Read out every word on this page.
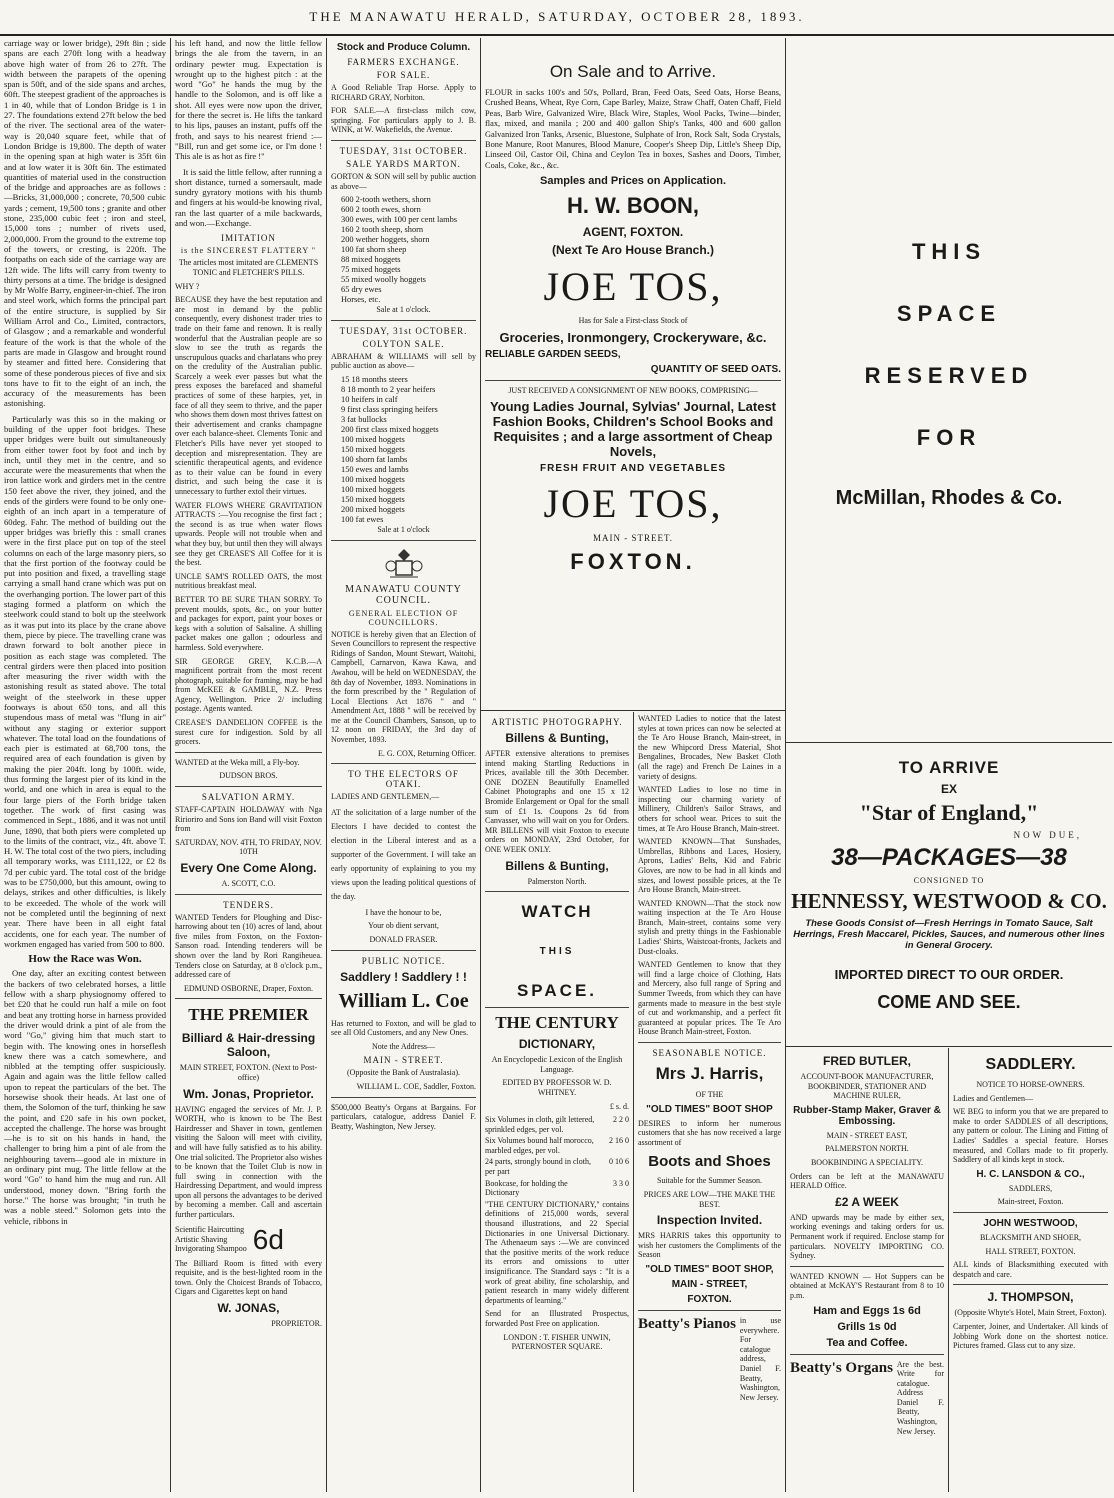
THE MANAWATU HERALD, SATURDAY, OCTOBER 28, 1893.

carriage way or lower bridge), 29ft 8in ; side spans are each 270ft long with a headway above high water of from 26 to 27ft. The width between the parapets of the opening span is 50ft, and of the side spans and arches, 60ft. The steepest gradient of the approaches is 1 in 40, while that of London Bridge is 1 in 27. The foundations extend 27ft below the bed of the river. The sectional area of the water-way is 20,040 square feet, while that of London Bridge is 19,800. The depth of water in the opening span at high water is 35ft 6in and at low water it is 30ft 6in. The estimated quantities of material used in the construction of the bridge and approaches are as follows :—Bricks, 31,000,000 ; concrete, 70,500 cubic yards ; cement, 19,500 tons ; granite and other stone, 235,000 cubic feet ; iron and steel, 15,000 tons ; number of rivets used, 2,000,000. From the ground to the extreme top of the towers, or cresting, is 220ft. The footpaths on each side of the carriage way are 12ft wide. The lifts will carry from twenty to thirty persons at a time. The bridge is designed by Mr Wolfe Barry, engineer-in-chief. The iron and steel work, which forms the principal part of the entire structure, is supplied by Sir William Arrol and Co., Limited, contractors, of Glasgow ; and a remarkable and wonderful feature of the work is that the whole of the parts are made in Glasgow and brought round by steamer and fitted here. Considering that some of these ponderous pieces of five and six tons have to fit to the eight of an inch, the accuracy of the measurements has been astonishing.

Particularly was this so in the making or building of the upper foot bridges. These upper bridges were built out simultaneously from either tower foot by foot and inch by inch, until they met in the centre, and so accurate were the measurements that when the iron lattice work and girders met in the centre 150 feet above the river, they joined, and the ends of the girders were found to be only one-eighth of an inch apart in a temperature of 60deg. Fahr. The method of building out the upper bridges was briefly this : small cranes were in the first place put on top of the steel columns on each of the large masonry piers, so that the first portion of the footway could be put into position and fixed, a travelling stage carrying a small hand crane which was put on the overhanging portion. The lower part of this staging formed a platform on which the steelwork could stand to bolt up the steelwork as it was put into its place by the crane above them, piece by piece. The travelling crane was drawn forward to bolt another piece in position as each stage was completed. The central girders were then placed into position after measuring the river width with the astonishing result as stated above. The total weight of the steelwork in these upper footways is about 650 tons, and all this stupendous mass of metal was "flung in air" without any staging or exterior support whatever. The total load on the foundations of each pier is estimated at 68,700 tons, the required area of each foundation is given by making the pier 204ft. long by 100ft. wide, thus forming the largest pier of its kind in the world, and one which in area is equal to the four large piers of the Forth bridge taken together. The work of first casing was commenced in Sept., 1886, and it was not until June, 1890, that both piers were completed up to the limits of the contract, viz., 4ft. above T. H. W. The total cost of the two piers, including all temporary works, was £111,122, or £2 8s 7d per cubic yard. The total cost of the bridge was to be £750,000, but this amount, owing to delays, strikes and other difficulties, is likely to be exceeded. The whole of the work will not be completed until the beginning of next year. There have been in all eight fatal accidents, one for each year. The number of workmen engaged has varied from 500 to 800.

How the Race was Won.

One day, after an exciting contest between the backers of two celebrated horses, a little fellow with a sharp physiognomy offered to bet £20 that he could run half a mile on foot and beat any trotting horse in harness provided the driver would drink a pint of ale from the word "Go," giving him that much start to begin with. The knowing ones in horseflesh knew there was a catch somewhere, and nibbled at the tempting offer suspiciously. Again and again was the little fellow called upon to repeat the particulars of the bet. The horsewise shook their heads. At last one of them, the Solomon of the turf, thinking he saw the point, and £20 safe in his own pocket, accepted the challenge. The horse was brought—he is to sit on his hands in hand, the challenger to bring him a pint of ale from the neighbouring tavern—good ale in mixture in an ordinary pint mug. The little fellow at the word "Go" to hand him the mug and run. All understood, money down. "Bring forth the horse." The horse was brought; "in truth he was a noble steed." Solomon gets into the vehicle, ribbons in

his left hand, and now the little fellow brings the ale from the tavern, in an ordinary pewter mug. Expectation is wrought up to the highest pitch : at the word "Go" he hands the mug by the handle to the Solomon, and is off like a shot. All eyes were now upon the driver, for there the secret is. He lifts the tankard to his lips, pauses an instant, puffs off the froth, and says to his nearest friend :— "Bill, run and get some ice, or I'm done ! This ale is as hot as fire !"

It is said the little fellow, after running a short distance, turned a somersault, made sundry gyratory motions with his thumb and fingers at his would-be knowing rival, ran the last quarter of a mile backwards, and won.—Exchange.

IMITATION
is the SINCEREST FLATTERY "
The articles most imitated are CLEMENTS TONIC and FLETCHER'S PILLS.
WHY ?
BECAUSE they have the best reputation and are most in demand by the public consequently, every dishonest trader tries to trade on their fame and renown. It is really wonderful that the Australian people are so slow to see the truth as regards the unscrupulous quacks and charlatans who prey on the credulity of the Australian public. Scarcely a week ever passes but what the press exposes the barefaced and shameful practices of some of these harpies, yet, in face of all they seem to thrive, and the paper who shows them down most thrives fattest on their advertisement and cranks champagne over each balance-sheet. Clements Tonic and Fletcher's Pills have never yet stooped to deception and misrepresentation. They are scientific therapeutical agents, and evidence as to their value can be found in every district, and such being the case it is unnecessary to further extol their virtues.
WATER FLOWS WHERE GRAVITATION ATTRACTS :—You recognise the first fact ; the second is as true when water flows upwards. People will not trouble when and what they buy, but until then they will always see they get CREASE'S All Coffee for it is the best.
UNCLE SAM'S ROLLED OATS, the most nutritious breakfast meal.
BETTER TO BE SURE THAN SORRY. To prevent moulds, spots, &c., on your butter and packages for export, paint your boxes or kegs with a solution of Salsaline. A shilling packet makes one gallon ; odourless and harmless. Sold everywhere.
SIR GEORGE GREY, K.C.B.—A magnificent portrait from the most recent photograph, suitable for framing, may be had from McKEE & GAMBLE, N.Z. Press Agency, Wellington. Price 2/ including postage. Agents wanted.
CREASE'S DANDELION COFFEE is the surest cure for indigestion. Sold by all grocers.
WANTED at the Weka mill, a Fly-boy.
DUDSON BROS.
SALVATION ARMY.
STAFF-CAPTAIN HOLDAWAY with Nga Ririoriro and Sons ion Band will visit Foxton from
SATURDAY, NOV. 4TH, TO FRIDAY, NOV. 10TH
Every One Come Along.
A. SCOTT, C.O.
TENDERS.
WANTED Tenders for Ploughing and Disc-harrowing about ten (10) acres of land, about five miles from Foxton, on the Foxton-Sanson road. Intending tenderers will be shown over the land by Rori Rangiheuea. Tenders close on Saturday, at 8 o'clock p.m., addressed care of
EDMUND OSBORNE, Draper, Foxton.
THE PREMIER
Billiard & Hair-dressing Saloon,
MAIN STREET, FOXTON. (Next to Post-office)
Wm. Jonas, Proprietor.
HAVING engaged the services of Mr. J. P. WORTH, who is known to be The Best Hairdresser and Shaver in town, gentlemen visiting the Saloon will meet with civility, and will have fully satisfied as to his ability. One trial solicited. The Proprietor also wishes to be known that the Toilet Club is now in full swing in connection with the Hairdressing Department, and would impress upon all persons the advantages to be derived by becoming a member. Call and ascertain further particulars.
Scientific Haircutting
Artistic Shaving
Invigorating Shampoo 6d
The Billiard Room is fitted with every requisite, and is the best-lighted room in the town. Only the Choicest Brands of Tobacco, Cigars and Cigarettes kept on hand
W. JONAS,
PROPRIETOR.
Stock and Produce Column.
FARMERS EXCHANGE.
FOR SALE.
A Good Reliable Trap Horse. Apply to RICHARD GRAY, Norbiton.
FOR SALE.—A first-class milch cow, springing. For particulars apply to J. B. WINK, at W. Wakefields, the Avenue.
TUESDAY, 31st OCTOBER.
SALE YARDS MARTON.
GORTON & SON will sell by public auction as above—
600 2-tooth wethers, shorn
600 2 tooth ewes, shorn
300 ewes, with 100 per cent lambs
160 2 tooth sheep, shorn
200 wether hoggets, shorn
100 fat shorn sheep
88 mixed hoggets
75 mixed hoggets
55 mixed woolly hoggets
65 dry ewes
Horses, etc.
Sale at 1 o'clock.
TUESDAY, 31st OCTOBER.
COLYTON SALE.
ABRAHAM & WILLIAMS will sell by public auction as above—
15 18 months steers
8 18 month to 2 year heifers
10 heifers in calf
9 first class springing heifers
3 fat bullocks
200 first class mixed hoggets
100 mixed hoggets
150 mixed hoggets
100 shorn fat lambs
150 ewes and lambs
100 mixed hoggets
100 mixed hoggets
150 mixed hoggets
200 mixed hoggets
100 fat ewes
Sale at 1 o'clock
MANAWATU COUNTY COUNCIL.
GENERAL ELECTION OF COUNCILLORS.
NOTICE is hereby given that an Election of Seven Councillors to represent the respective Ridings of Sandon, Mount Stewart, Waitohi, Campbell, Carnarvon, Kawa Kawa, and Awahou, will be held on WEDNESDAY, the 8th day of November, 1893. Nominations in the form prescribed by the " Regulation of Local Elections Act 1876 " and " Amendment Act, 1888 " will be received by me at the Council Chambers, Sanson, up to 12 noon on FRIDAY, the 3rd day of November, 1893.
E. G. COX, Returning Officer.
TO THE ELECTORS OF OTAKI.
LADIES AND GENTLEMEN,—
AT the solicitation of a large number of the Electors I have decided to contest the election in the Liberal interest and as a supporter of the Government. I will take an early opportunity of explaining to you my views upon the leading political questions of the day.
I have the honour to be,
Your ob dient servant,
DONALD FRASER.
PUBLIC NOTICE.
Saddlery ! Saddlery ! !
William L. Coe
Has returned to Foxton, and will be glad to see all Old Customers, and any New Ones.
Note the Address—
MAIN - STREET.
(Opposite the Bank of Australasia).
WILLIAM L. COE, Saddler, Foxton.
$500,000 Beatty's Organs at Bargains. For particulars, catalogue, address Daniel F. Beatty, Washington, New Jersey.
On Sale and to Arrive.
FLOUR in sacks 100's and 50's, Pollard, Bran, Feed Oats, Seed Oats, Horse Beans, Crushed Beans, Wheat, Rye Corn, Cape Barley, Maize, Straw Chaff, Oaten Chaff, Field Peas, Barb Wire, Galvanized Wire, Black Wire, Staples, Wool Packs, Twine—binder, flax, mixed, and manila ; 200 and 400 gallon Ship's Tanks, 400 and 600 gallon Galvanized Iron Tanks, Arsenic, Bluestone, Sulphate of Iron, Rock Salt, Soda Crystals, Bone Manure, Root Manures, Blood Manure, Cooper's Sheep Dip, Little's Sheep Dip, Linseed Oil, Castor Oil, China and Ceylon Tea in boxes, Sashes and Doors, Timber, Coals, Coke, &c., &c.
Samples and Prices on Application.
H. W. BOON,
AGENT, FOXTON.
(Next Te Aro House Branch.)
JOE TOS,
Has for Sale a First-class Stock of
Groceries, Ironmongery, Crockeryware, &c.
RELIABLE GARDEN SEEDS,
QUANTITY OF SEED OATS.
JUST RECEIVED A CONSIGNMENT OF NEW BOOKS, COMPRISING—
Young Ladies Journal, Sylvias' Journal, Latest Fashion Books, Children's School Books and Requisites ; and a large assortment of Cheap Novels,
FRESH FRUIT AND VEGETABLES
JOE TOS,
MAIN - STREET.
FOXTON.
ARTISTIC PHOTOGRAPHY.
Billens & Bunting,
AFTER extensive alterations to premises intend making Startling Reductions in Prices, available till the 30th December. ONE DOZEN Beautifully Enamelled Cabinet Photographs and one 15 x 12 Bromide Enlargement or Opal for the small sum of £1 1s. Coupons 2s 6d from Canvasser, who will wait on you for Orders. MR BILLENS will visit Foxton to execute orders on MONDAY, 23rd October, for ONE WEEK ONLY.
Billens & Bunting,
Palmerston North.
WATCH
THIS
SPACE.
THE CENTURY
DICTIONARY,
An Encyclopedic Lexicon of the English Language.
EDITED BY PROFESSOR W. D. WHITNEY.
£ s. d.
Six Volumes in cloth, gilt lettered, sprinkled edges, per vol.
2 2 0
Six Volumes bound half morocco, marbled edges, per vol.
2 16 0
24 parts, strongly bound in cloth, per part
0 10 6
Bookcase, for holding the Dictionary
3 3 0
"THE CENTURY DICTIONARY," contains definitions of 215,000 words, several thousand illustrations, and 22 Special Dictionaries in one Universal Dictionary. The Athenaeum says :—We are convinced that the positive merits of the work reduce its errors and omissions to utter insignificance. The Standard says : "It is a work of great ability, fine scholarship, and patient research in many widely different departments of learning."
Send for an Illustrated Prospectus, forwarded Post Free on application.
LONDON : T. FISHER UNWIN, PATERNOSTER SQUARE.
WANTED Ladies to notice that the latest styles at town prices can now be selected at the Te Aro House Branch, Main-street, in the new Whipcord Dress Material, Shot Bengalines, Brocades, New Basket Cloth (all the rage) and French De Laines in a variety of designs.
WANTED Ladies to lose no time in inspecting our charming variety of Millinery, Children's Sailor Straws, and others for school wear. Prices to suit the times, at Te Aro House Branch, Main-street.
WANTED KNOWN—That Sunshades, Umbrellas, Ribbons and Laces, Hosiery, Aprons, Ladies' Belts, Kid and Fabric Gloves, are now to be had in all kinds and sizes, and lowest possible prices, at the Te Aro House Branch, Main-street.
WANTED KNOWN—That the stock now waiting inspection at the Te Aro House Branch, Main-street, contains some very stylish and pretty things in the Fashionable Ladies' Shirts, Waistcoat-fronts, Jackets and Dust-cloaks.
WANTED Gentlemen to know that they will find a large choice of Clothing, Hats and Mercery, also full range of Spring and Summer Tweeds, from which they can have garments made to measure in the best style of cut and workmanship, and a perfect fit guaranteed at popular prices. The Te Aro House Branch Main-street, Foxton.
SEASONABLE NOTICE.
Mrs J. Harris,
OF THE
"OLD TIMES" BOOT SHOP
DESIRES to inform her numerous customers that she has now received a large assortment of
Boots and Shoes
Suitable for the Summer Season.
PRICES ARE LOW—THE MAKE THE BEST.
Inspection Invited.
MRS HARRIS takes this opportunity to wish her customers the Compliments of the Season
"OLD TIMES" BOOT SHOP,
MAIN - STREET,
FOXTON.
Beatty's Pianos in use everywhere. For catalogue address, Daniel F. Beatty, Washington, New Jersey.
THIS
SPACE
RESERVED
FOR
McMillan, Rhodes & Co.
TO ARRIVE
EX
"Star of England,"
NOW DUE,
38—PACKAGES—38
CONSIGNED TO
HENNESSY, WESTWOOD & CO.
These Goods Consist of—Fresh Herrings in Tomato Sauce, Salt Herrings, Fresh Maccarel, Pickles, Sauces, and numerous other lines in General Grocery.
IMPORTED DIRECT TO OUR ORDER.
COME AND SEE.
FRED BUTLER,
ACCOUNT-BOOK MANUFACTURER, BOOKBINDER, STATIONER AND MACHINE RULER,
Rubber-Stamp Maker, Graver & Embossing.
MAIN - STREET EAST,
PALMERSTON NORTH.
BOOKBINDING A SPECIALITY.
Orders can be left at the MANAWATU HERALD Office.
£2 A WEEK
AND upwards may be made by either sex, working evenings and taking orders for us. Permanent work if required. Enclose stamp for particulars. NOVELTY IMPORTING CO. Sydney.
WANTED KNOWN — Hot Suppers can be obtained at McKAY'S Restaurant from 8 to 10 p.m.
Ham and Eggs 1s 6d
Grills 1s 0d
Tea and Coffee.
Beatty's Organs Are the best. Write for catalogue. Address Daniel F. Beatty, Washington, New Jersey.
SADDLERY.
NOTICE TO HORSE-OWNERS.
Ladies and Gentlemen—
WE BEG to inform you that we are prepared to make to order SADDLES of all descriptions, any pattern or colour. The Lining and Fitting of Ladies' Saddles a special feature. Horses measured, and Collars made to fit properly. Saddlery of all kinds kept in stock.
H. C. LANSDON & CO.,
SADDLERS,
Main-street, Foxton.
JOHN WESTWOOD,
BLACKSMITH AND SHOER,
HALL STREET, FOXTON.
ALL kinds of Blacksmithing executed with despatch and care.
J. THOMPSON,
(Opposite Whyte's Hotel, Main Street, Foxton).
Carpenter, Joiner, and Undertaker. All kinds of Jobbing Work done on the shortest notice. Pictures framed. Glass cut to any size.
